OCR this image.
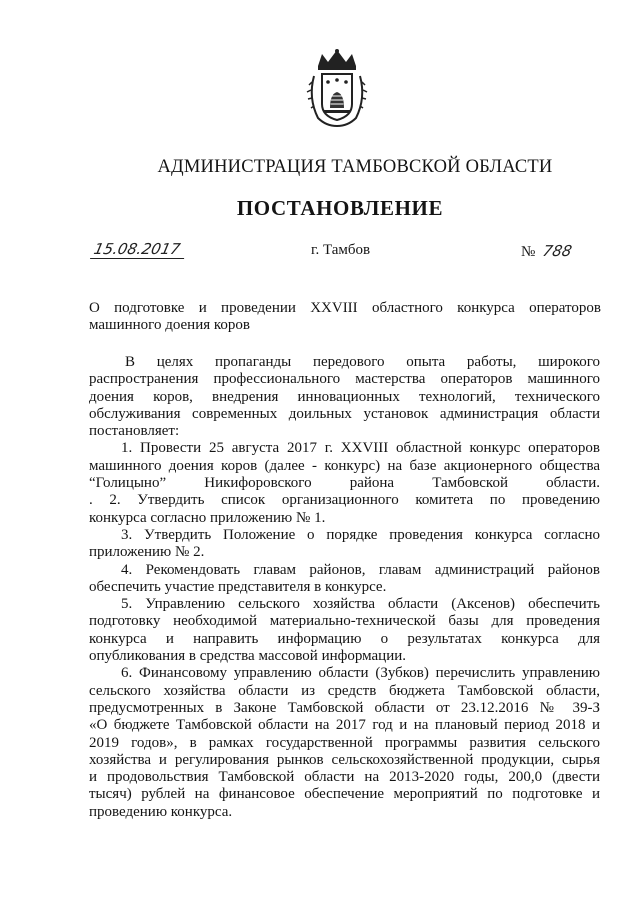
АДМИНИСТРАЦИЯ ТАМБОВСКОЙ ОБЛАСТИ
ПОСТАНОВЛЕНИЕ
15.08.2017	г. Тамбов	№ 788
О подготовке и проведении XXVIII областного конкурса операторов
машинного доения коров
В целях пропаганды передового опыта работы, широкого
распространения профессионального мастерства операторов машинного
доения коров, внедрения инновационных технологий, технического
обслуживания современных доильных установок администрация области
постановляет:
1. Провести 25 августа 2017 г. XXVIII областной конкурс операторов
машинного доения коров (далее - конкурс) на базе акционерного общества
“Голицыно” Никифоровского района Тамбовской области.
. 2. Утвердить список организационного комитета по проведению
конкурса согласно приложению № 1.
3. Утвердить Положение о порядке проведения конкурса согласно
приложению № 2.
4. Рекомендовать главам районов, главам администраций районов
обеспечить участие представителя в конкурсе.
5. Управлению сельского хозяйства области (Аксенов) обеспечить
подготовку необходимой материально-технической базы для проведения
конкурса и направить информацию о результатах конкурса для
опубликования в средства массовой информации.
6. Финансовому управлению области (Зубков) перечислить управлению
сельского хозяйства области из средств бюджета Тамбовской области,
предусмотренных в Законе Тамбовской области от 23.12.2016 № 39-З
«О бюджете Тамбовской области на 2017 год и на плановый период 2018 и
2019 годов», в рамках государственной программы развития сельского
хозяйства и регулирования рынков сельскохозяйственной продукции, сырья
и продовольствия Тамбовской области на 2013-2020 годы, 200,0 (двести
тысяч) рублей на финансовое обеспечение мероприятий по подготовке и
проведению конкурса.
